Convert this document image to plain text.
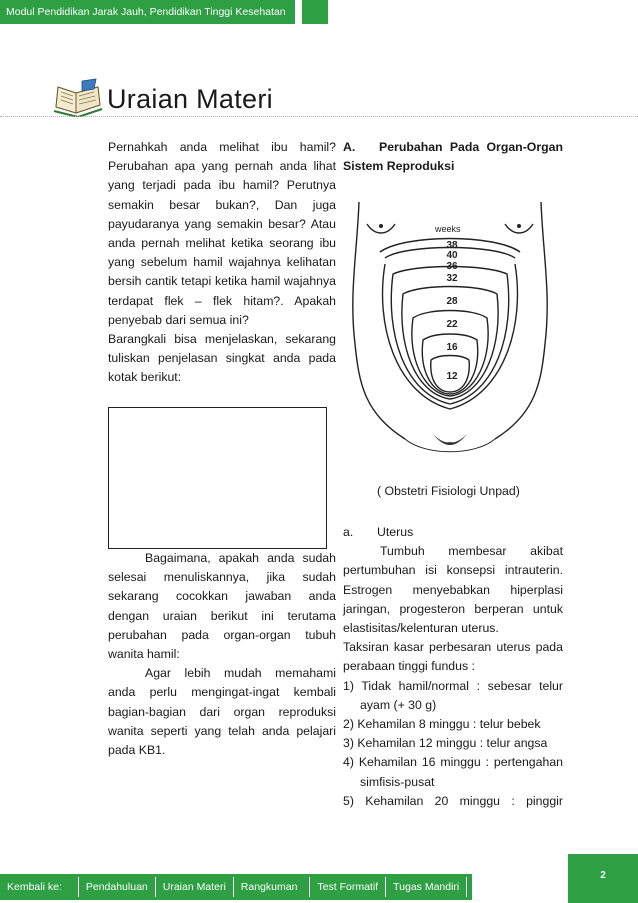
Modul Pendidikan Jarak Jauh, Pendidikan Tinggi Kesehatan
Uraian Materi

Pernahkah anda melihat ibu hamil? Perubahan apa yang pernah anda lihat yang terjadi pada ibu hamil? Perutnya semakin besar bukan?, Dan juga payudaranya yang semakin besar? Atau anda pernah melihat ketika seorang ibu yang sebelum hamil wajahnya kelihatan bersih cantik tetapi ketika hamil wajahnya terdapat flek – flek hitam?. Apakah penyebab dari semua ini?

Barangkali bisa menjelaskan, sekarang tuliskan penjelasan singkat anda pada kotak berikut:

Bagaimana, apakah anda sudah selesai menuliskannya, jika sudah sekarang cocokkan jawaban anda dengan uraian berikut ini terutama perubahan pada organ-organ tubuh wanita hamil:

Agar lebih mudah memahami anda perlu mengingat-ingat kembali bagian-bagian dari organ reproduksi wanita seperti yang telah anda pelajari pada KB1.

A. Perubahan Pada Organ-Organ Sistem Reproduksi

weeks
38
40
36
32
28
22
16
12
( Obstetri Fisiologi Unpad)

a. Uterus

Tumbuh membesar akibat pertumbuhan isi konsepsi intrauterin. Estrogen menyebabkan hiperplasi jaringan, progesteron berperan untuk elastisitas/kelenturan uterus.

Taksiran kasar perbesaran uterus pada perabaan tinggi fundus :

1) Tidak hamil/normal : sebesar telur ayam (+ 30 g)

2) Kehamilan 8 minggu : telur bebek

3) Kehamilan 12 minggu : telur angsa

4) Kehamilan 16 minggu : pertengahan simfisis-pusat

5) Kehamilan 20 minggu : pinggir

2
Kembali ke:	Pendahuluan	Uraian Materi	Rangkuman	Test Formatif	Tugas Mandiri
